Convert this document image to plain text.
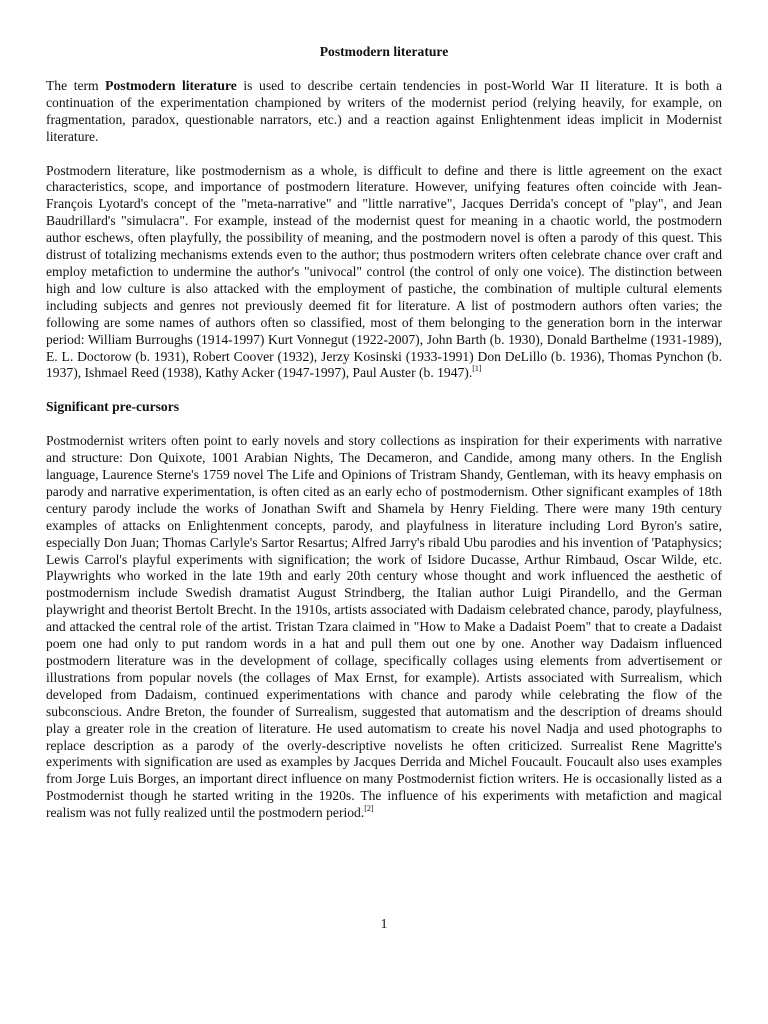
Postmodern literature

The term Postmodern literature is used to describe certain tendencies in post-World War II literature. It is both a continuation of the experimentation championed by writers of the modernist period (relying heavily, for example, on fragmentation, paradox, questionable narrators, etc.) and a reaction against Enlightenment ideas implicit in Modernist literature.

Postmodern literature, like postmodernism as a whole, is difficult to define and there is little agreement on the exact characteristics, scope, and importance of postmodern literature. However, unifying features often coincide with Jean-François Lyotard's concept of the "meta-narrative" and "little narrative", Jacques Derrida's concept of "play", and Jean Baudrillard's "simulacra". For example, instead of the modernist quest for meaning in a chaotic world, the postmodern author eschews, often playfully, the possibility of meaning, and the postmodern novel is often a parody of this quest. This distrust of totalizing mechanisms extends even to the author; thus postmodern writers often celebrate chance over craft and employ metafiction to undermine the author's "univocal" control (the control of only one voice). The distinction between high and low culture is also attacked with the employment of pastiche, the combination of multiple cultural elements including subjects and genres not previously deemed fit for literature. A list of postmodern authors often varies; the following are some names of authors often so classified, most of them belonging to the generation born in the interwar period: William Burroughs (1914-1997) Kurt Vonnegut (1922-2007), John Barth (b. 1930), Donald Barthelme (1931-1989), E. L. Doctorow (b. 1931), Robert Coover (1932), Jerzy Kosinski (1933-1991) Don DeLillo (b. 1936), Thomas Pynchon (b. 1937), Ishmael Reed (1938), Kathy Acker (1947-1997), Paul Auster (b. 1947).[1]

Significant pre-cursors

Postmodernist writers often point to early novels and story collections as inspiration for their experiments with narrative and structure: Don Quixote, 1001 Arabian Nights, The Decameron, and Candide, among many others. In the English language, Laurence Sterne's 1759 novel The Life and Opinions of Tristram Shandy, Gentleman, with its heavy emphasis on parody and narrative experimentation, is often cited as an early echo of postmodernism. Other significant examples of 18th century parody include the works of Jonathan Swift and Shamela by Henry Fielding. There were many 19th century examples of attacks on Enlightenment concepts, parody, and playfulness in literature including Lord Byron's satire, especially Don Juan; Thomas Carlyle's Sartor Resartus; Alfred Jarry's ribald Ubu parodies and his invention of 'Pataphysics; Lewis Carrol's playful experiments with signification; the work of Isidore Ducasse, Arthur Rimbaud, Oscar Wilde, etc. Playwrights who worked in the late 19th and early 20th century whose thought and work influenced the aesthetic of postmodernism include Swedish dramatist August Strindberg, the Italian author Luigi Pirandello, and the German playwright and theorist Bertolt Brecht. In the 1910s, artists associated with Dadaism celebrated chance, parody, playfulness, and attacked the central role of the artist. Tristan Tzara claimed in "How to Make a Dadaist Poem" that to create a Dadaist poem one had only to put random words in a hat and pull them out one by one. Another way Dadaism influenced postmodern literature was in the development of collage, specifically collages using elements from advertisement or illustrations from popular novels (the collages of Max Ernst, for example). Artists associated with Surrealism, which developed from Dadaism, continued experimentations with chance and parody while celebrating the flow of the subconscious. Andre Breton, the founder of Surrealism, suggested that automatism and the description of dreams should play a greater role in the creation of literature. He used automatism to create his novel Nadja and used photographs to replace description as a parody of the overly-descriptive novelists he often criticized. Surrealist Rene Magritte's experiments with signification are used as examples by Jacques Derrida and Michel Foucault. Foucault also uses examples from Jorge Luis Borges, an important direct influence on many Postmodernist fiction writers. He is occasionally listed as a Postmodernist though he started writing in the 1920s. The influence of his experiments with metafiction and magical realism was not fully realized until the postmodern period.[2]

1
